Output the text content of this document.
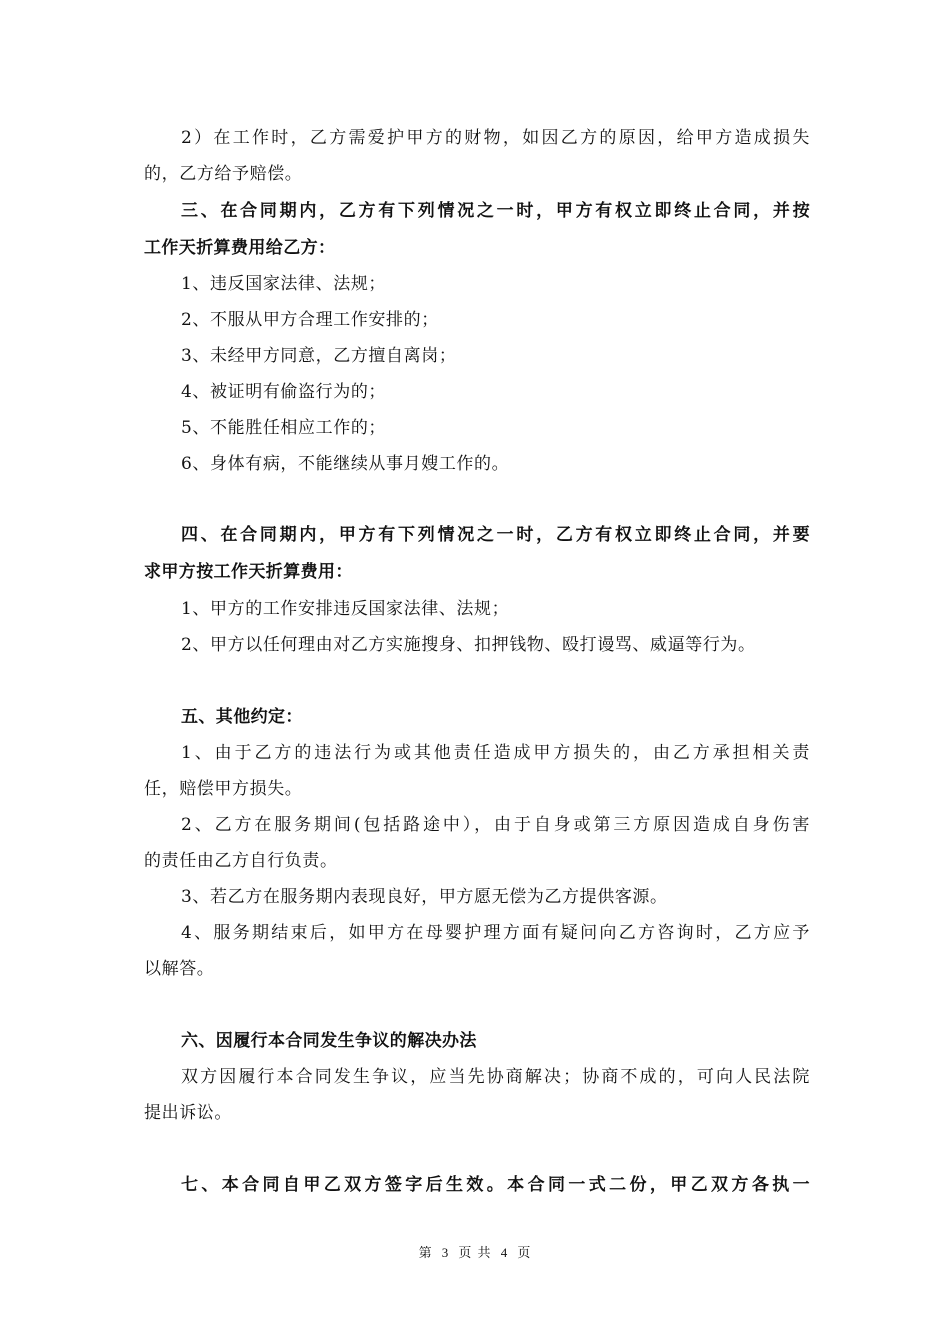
2）在工作时，乙方需爱护甲方的财物，如因乙方的原因，给甲方造成损失
的，乙方给予赔偿。
三、在合同期内，乙方有下列情况之一时，甲方有权立即终止合同，并按
工作天折算费用给乙方：
1、违反国家法律、法规；
2、不服从甲方合理工作安排的；
3、未经甲方同意，乙方擅自离岗；
4、被证明有偷盗行为的；
5、不能胜任相应工作的；
6、身体有病，不能继续从事月嫂工作的。
四、在合同期内，甲方有下列情况之一时，乙方有权立即终止合同，并要
求甲方按工作天折算费用：
1、甲方的工作安排违反国家法律、法规；
2、甲方以任何理由对乙方实施搜身、扣押钱物、殴打谩骂、威逼等行为。
五、其他约定：
1、由于乙方的违法行为或其他责任造成甲方损失的，由乙方承担相关责
任，赔偿甲方损失。
2、乙方在服务期间(包括路途中），由于自身或第三方原因造成自身伤害
的责任由乙方自行负责。
3、若乙方在服务期内表现良好，甲方愿无偿为乙方提供客源。
4、服务期结束后，如甲方在母婴护理方面有疑问向乙方咨询时，乙方应予
以解答。
六、因履行本合同发生争议的解决办法
双方因履行本合同发生争议，应当先协商解决；协商不成的，可向人民法院
提出诉讼。
七、本合同自甲乙双方签字后生效。本合同一式二份，甲乙双方各执一
第 3 页 共 4 页
